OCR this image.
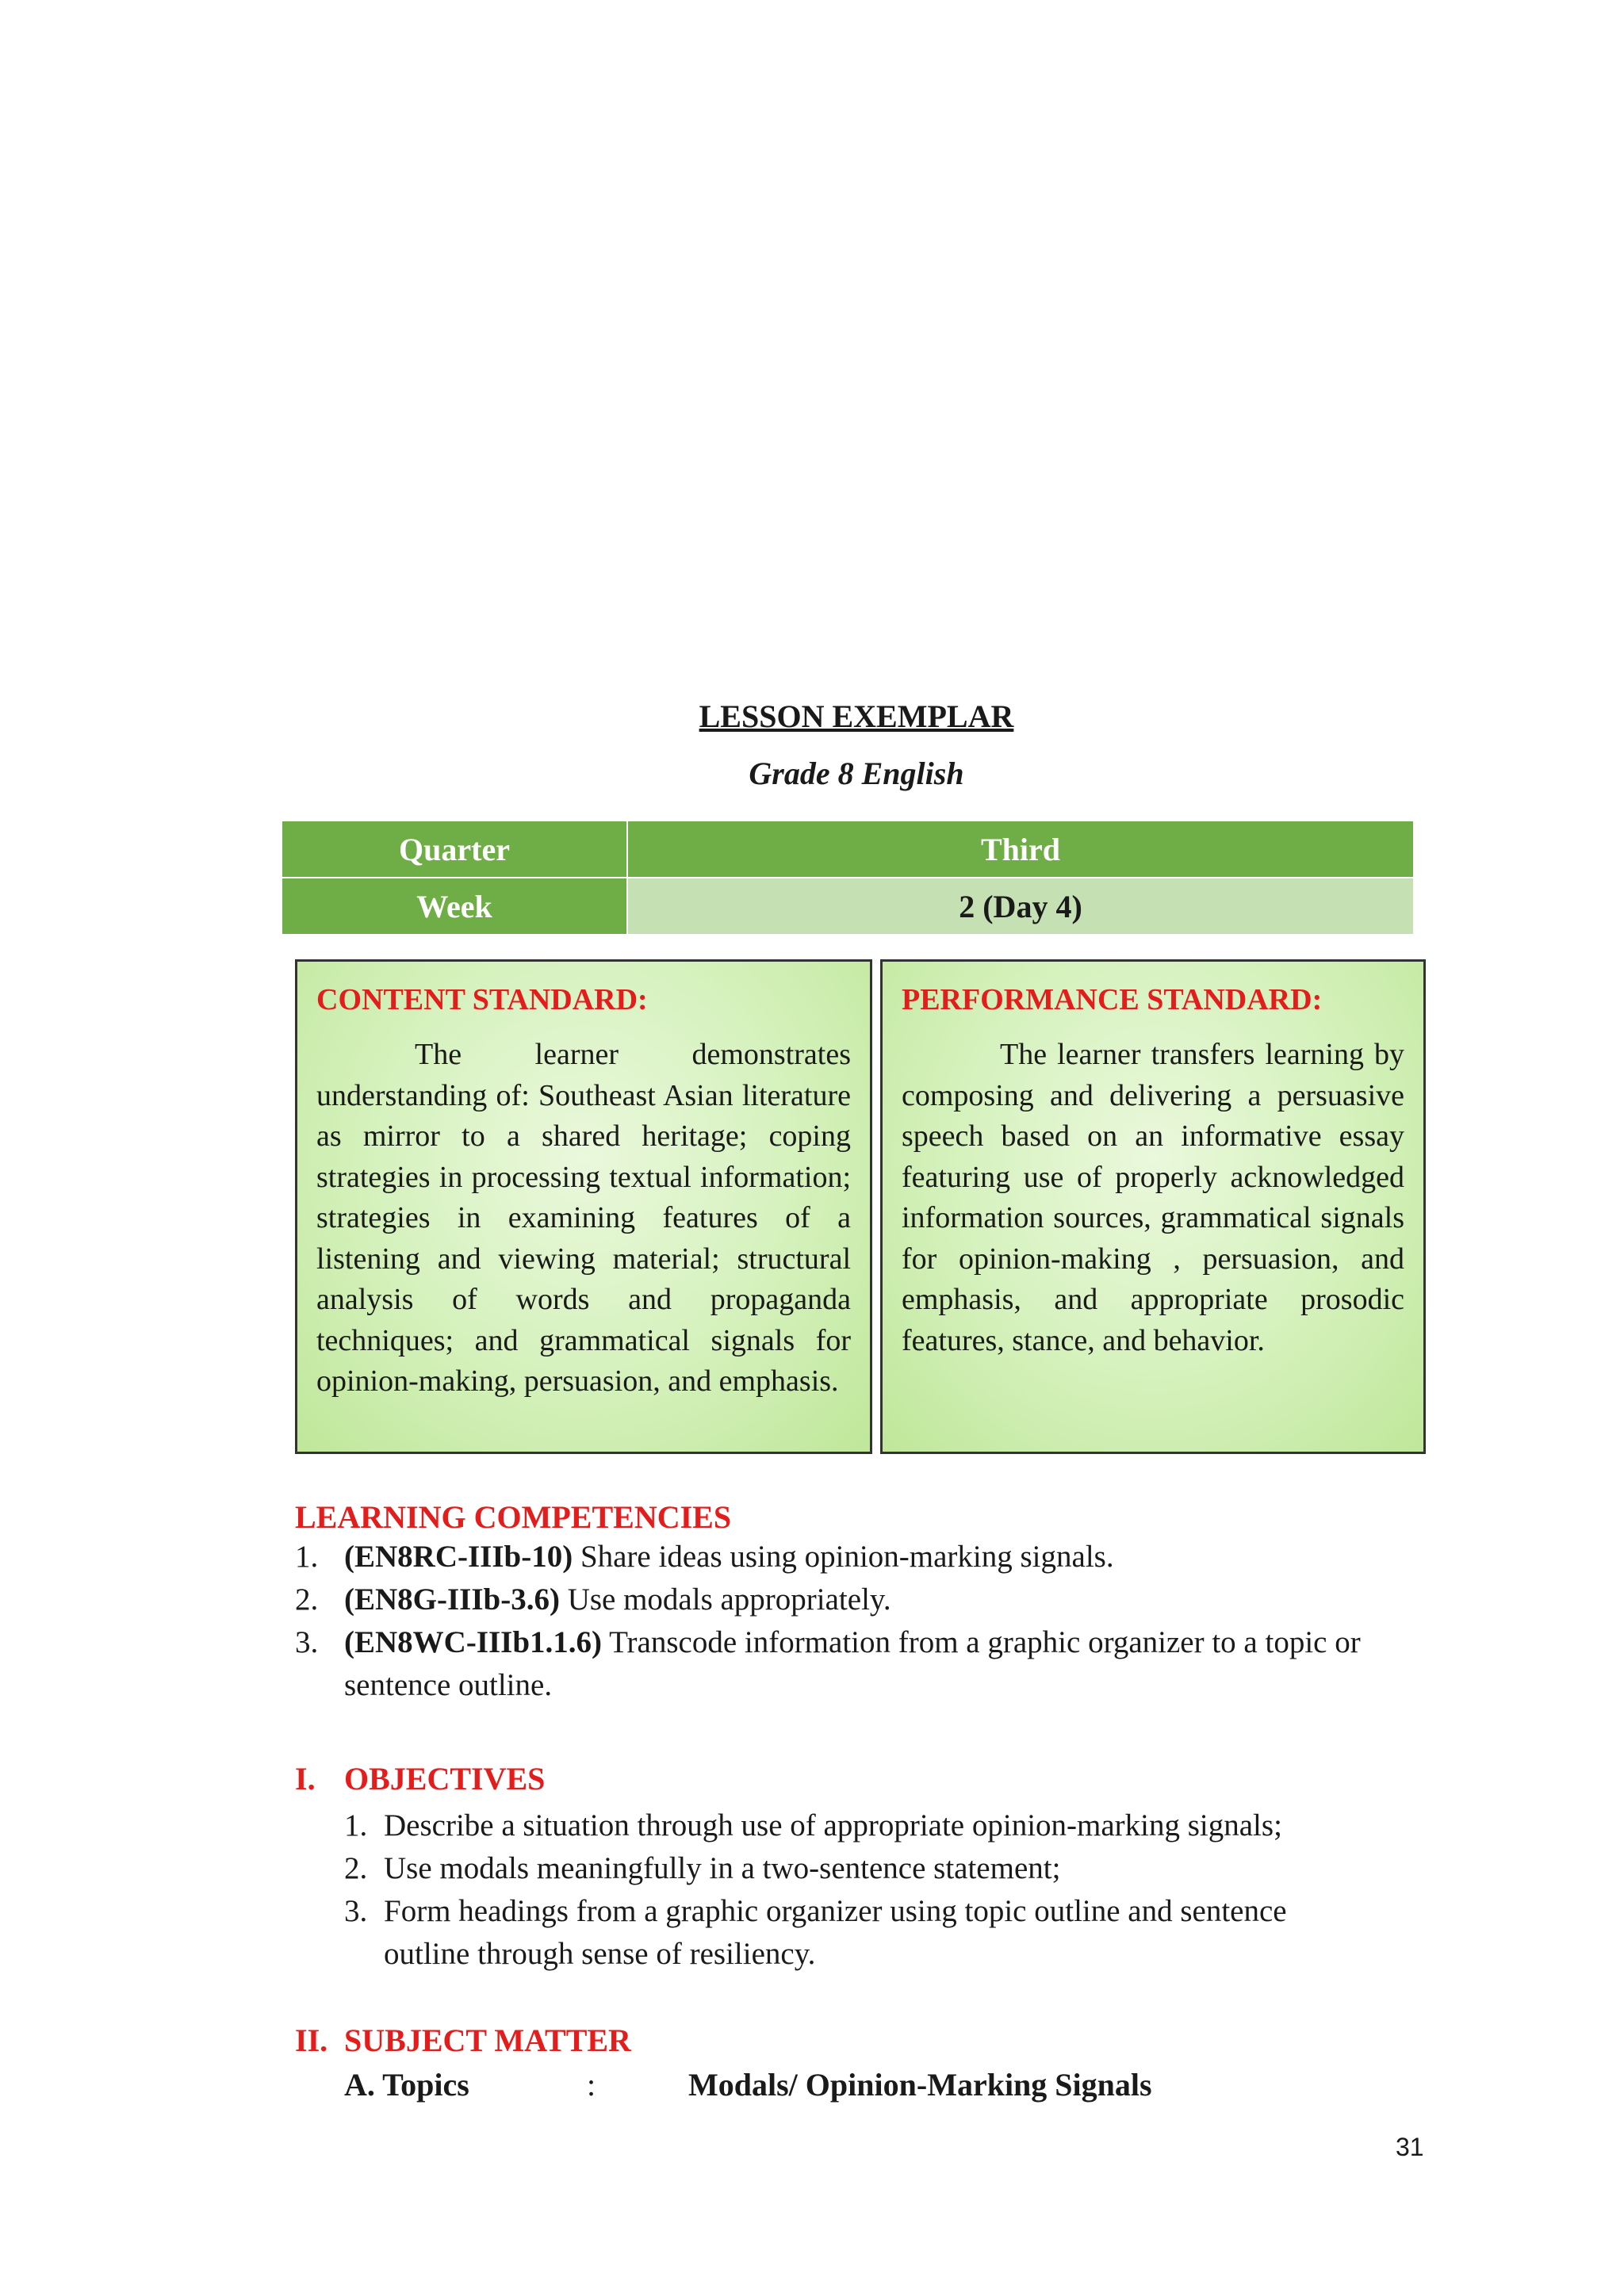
LESSON EXEMPLAR
Grade 8 English
Quarter	Third
Week	2 (Day 4)
CONTENT STANDARD:

The learner demonstrates understanding of: Southeast Asian literature as mirror to a shared heritage; coping strategies in processing textual information; strategies in examining features of a listening and viewing material; structural analysis of words and propaganda techniques; and grammatical signals for opinion-making, persuasion, and emphasis.

PERFORMANCE STANDARD:

The learner transfers learning by composing and delivering a persuasive speech based on an informative essay featuring use of properly acknowledged information sources, grammatical signals for opinion-making , persuasion, and emphasis, and appropriate prosodic features, stance, and behavior.

LEARNING COMPETENCIES
1. (EN8RC-IIIb-10) Share ideas using opinion-marking signals.
2. (EN8G-IIIb-3.6) Use modals appropriately.
3. (EN8WC-IIIb1.1.6) Transcode information from a graphic organizer to a topic or
sentence outline.
I. OBJECTIVES
1. Describe a situation through use of appropriate opinion-marking signals;
2. Use modals meaningfully in a two-sentence statement;
3. Form headings from a graphic organizer using topic outline and sentence
outline through sense of resiliency.
II. SUBJECT MATTER
A. Topics	:	Modals/ Opinion-Marking Signals
31
